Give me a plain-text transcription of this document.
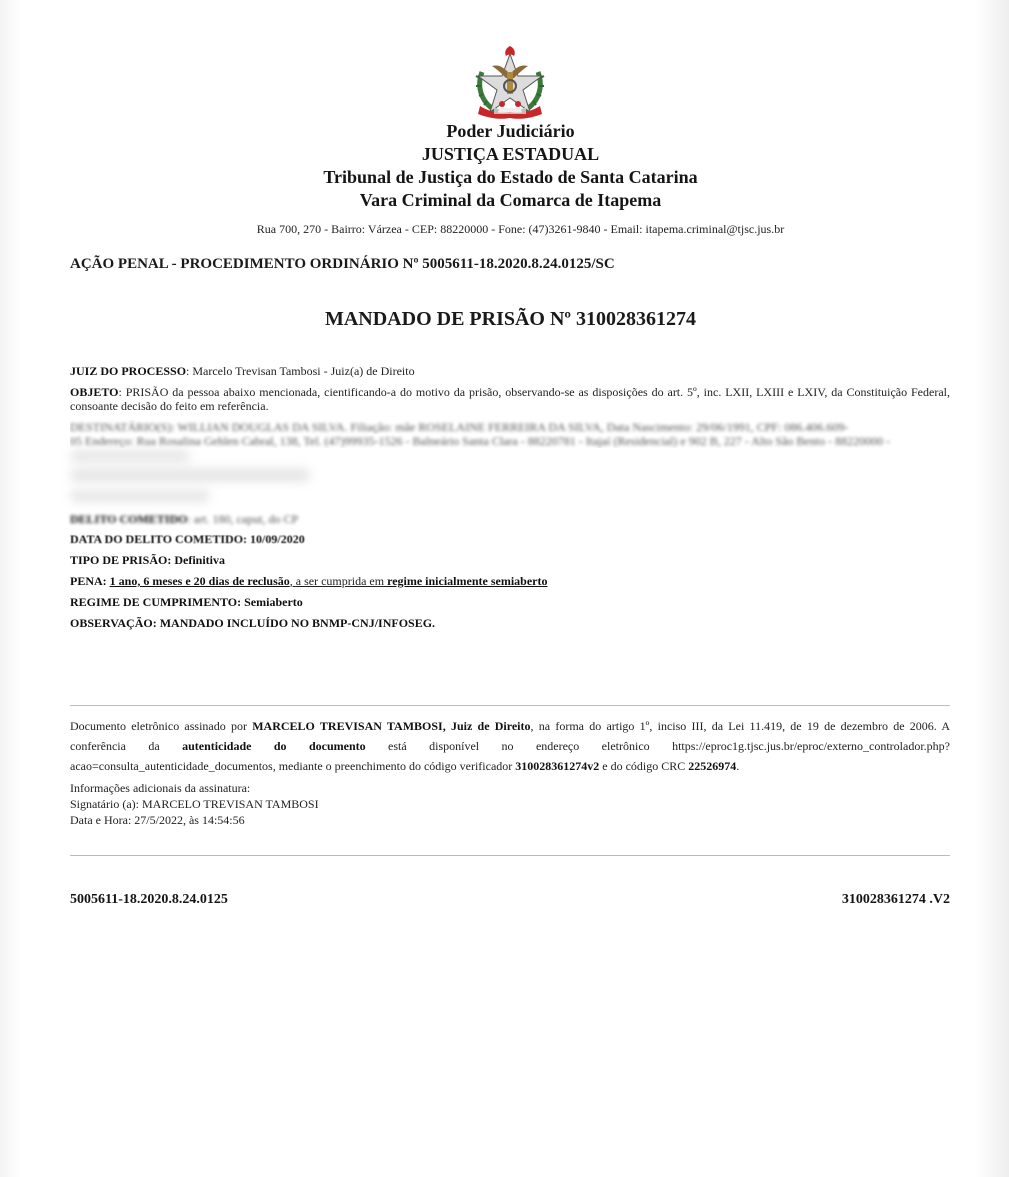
Poder Judiciário
JUSTIÇA ESTADUAL
Tribunal de Justiça do Estado de Santa Catarina
Vara Criminal da Comarca de Itapema
Rua 700, 270 - Bairro: Várzea - CEP: 88220000 - Fone: (47)3261-9840 - Email: itapema.criminal@tjsc.jus.br
AÇÃO PENAL - PROCEDIMENTO ORDINÁRIO Nº 5005611-18.2020.8.24.0125/SC
MANDADO DE PRISÃO Nº 310028361274
JUIZ DO PROCESSO: Marcelo Trevisan Tambosi - Juiz(a) de Direito
OBJETO: PRISÃO da pessoa abaixo mencionada, cientificando-a do motivo da prisão, observando-se as disposições do art. 5º, inc. LXII, LXIII e LXIV, da Constituição Federal, consoante decisão do feito em referência.
DESTINATÁRIO(S): WILLIAN DOUGLAS DA SILVA. Filiação: mãe ROSELAINE FERREIRA DA SILVA, Data Nascimento: 29/06/1991, CPF: 086.406.609-
05 Endereço: Rua Rosalina Gehlen Cabral, 138, Tel. (47)99935-1526 - Balneário Santa Clara - 88220781 - Itajaí (Residencial) e 902 B, 227 - Alto São Bento - 88220000 -
DELITO COMETIDO: art. 180, caput, do CP
DATA DO DELITO COMETIDO: 10/09/2020
TIPO DE PRISÃO: Definitiva
PENA: 1 ano, 6 meses e 20 dias de reclusão, a ser cumprida em regime inicialmente semiaberto
REGIME DE CUMPRIMENTO: Semiaberto
OBSERVAÇÃO: MANDADO INCLUÍDO NO BNMP-CNJ/INFOSEG.
Documento eletrônico assinado por MARCELO TREVISAN TAMBOSI, Juiz de Direito, na forma do artigo 1º, inciso III, da Lei 11.419, de 19 de dezembro de 2006. A conferência da autenticidade do documento está disponível no endereço eletrônico https://eproc1g.tjsc.jus.br/eproc/externo_controlador.php?acao=consulta_autenticidade_documentos, mediante o preenchimento do código verificador 310028361274v2 e do código CRC 22526974.
Informações adicionais da assinatura:
Signatário (a): MARCELO TREVISAN TAMBOSI
Data e Hora: 27/5/2022, às 14:54:56
5005611-18.2020.8.24.0125	310028361274 .V2
